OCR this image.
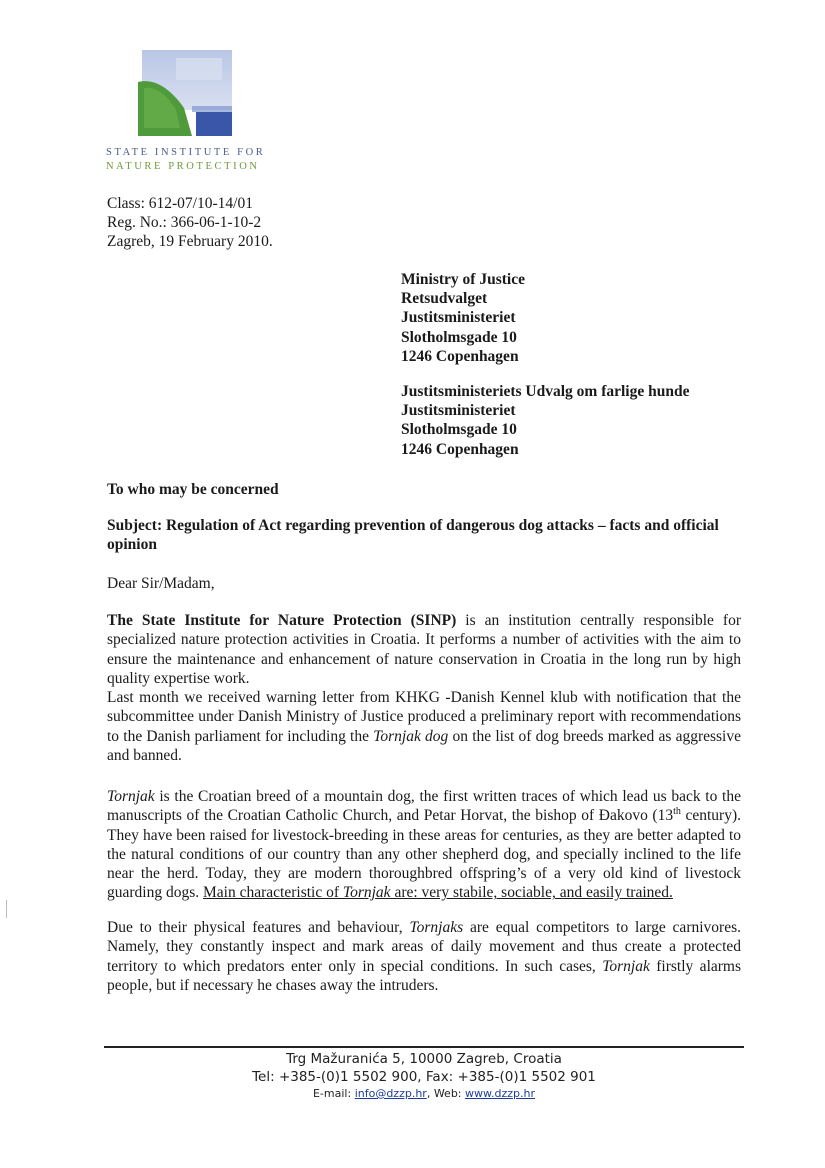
STATE INSTITUTE FOR
NATURE PROTECTION
Class: 612-07/10-14/01
Reg. No.: 366-06-1-10-2
Zagreb, 19 February 2010.
Ministry of Justice
Retsudvalget
Justitsministeriet
Slotholmsgade 10
1246 Copenhagen
Justitsministeriets Udvalg om farlige hunde
Justitsministeriet
Slotholmsgade 10
1246 Copenhagen
To who may be concerned
Subject: Regulation of Act regarding prevention of dangerous dog attacks – facts and official opinion
Dear Sir/Madam,
The State Institute for Nature Protection (SINP) is an institution centrally responsible for specialized nature protection activities in Croatia. It performs a number of activities with the aim to ensure the maintenance and enhancement of nature conservation in Croatia in the long run by high quality expertise work.
Last month we received warning letter from KHKG -Danish Kennel klub with notification that the subcommittee under Danish Ministry of Justice produced a preliminary report with recommendations to the Danish parliament for including the Tornjak dog on the list of dog breeds marked as aggressive and banned.
Tornjak is the Croatian breed of a mountain dog, the first written traces of which lead us back to the manuscripts of the Croatian Catholic Church, and Petar Horvat, the bishop of Đakovo (13th century). They have been raised for livestock-breeding in these areas for centuries, as they are better adapted to the natural conditions of our country than any other shepherd dog, and specially inclined to the life near the herd. Today, they are modern thoroughbred offspring’s of a very old kind of livestock guarding dogs. Main characteristic of Tornjak are: very stabile, sociable, and easily trained.
Due to their physical features and behaviour, Tornjaks are equal competitors to large carnivores. Namely, they constantly inspect and mark areas of daily movement and thus create a protected territory to which predators enter only in special conditions. In such cases, Tornjak firstly alarms people, but if necessary he chases away the intruders.
Trg Mažuranića 5, 10000 Zagreb, Croatia
Tel: +385-(0)1 5502 900, Fax: +385-(0)1 5502 901
E-mail: info@dzzp.hr, Web: www.dzzp.hr
